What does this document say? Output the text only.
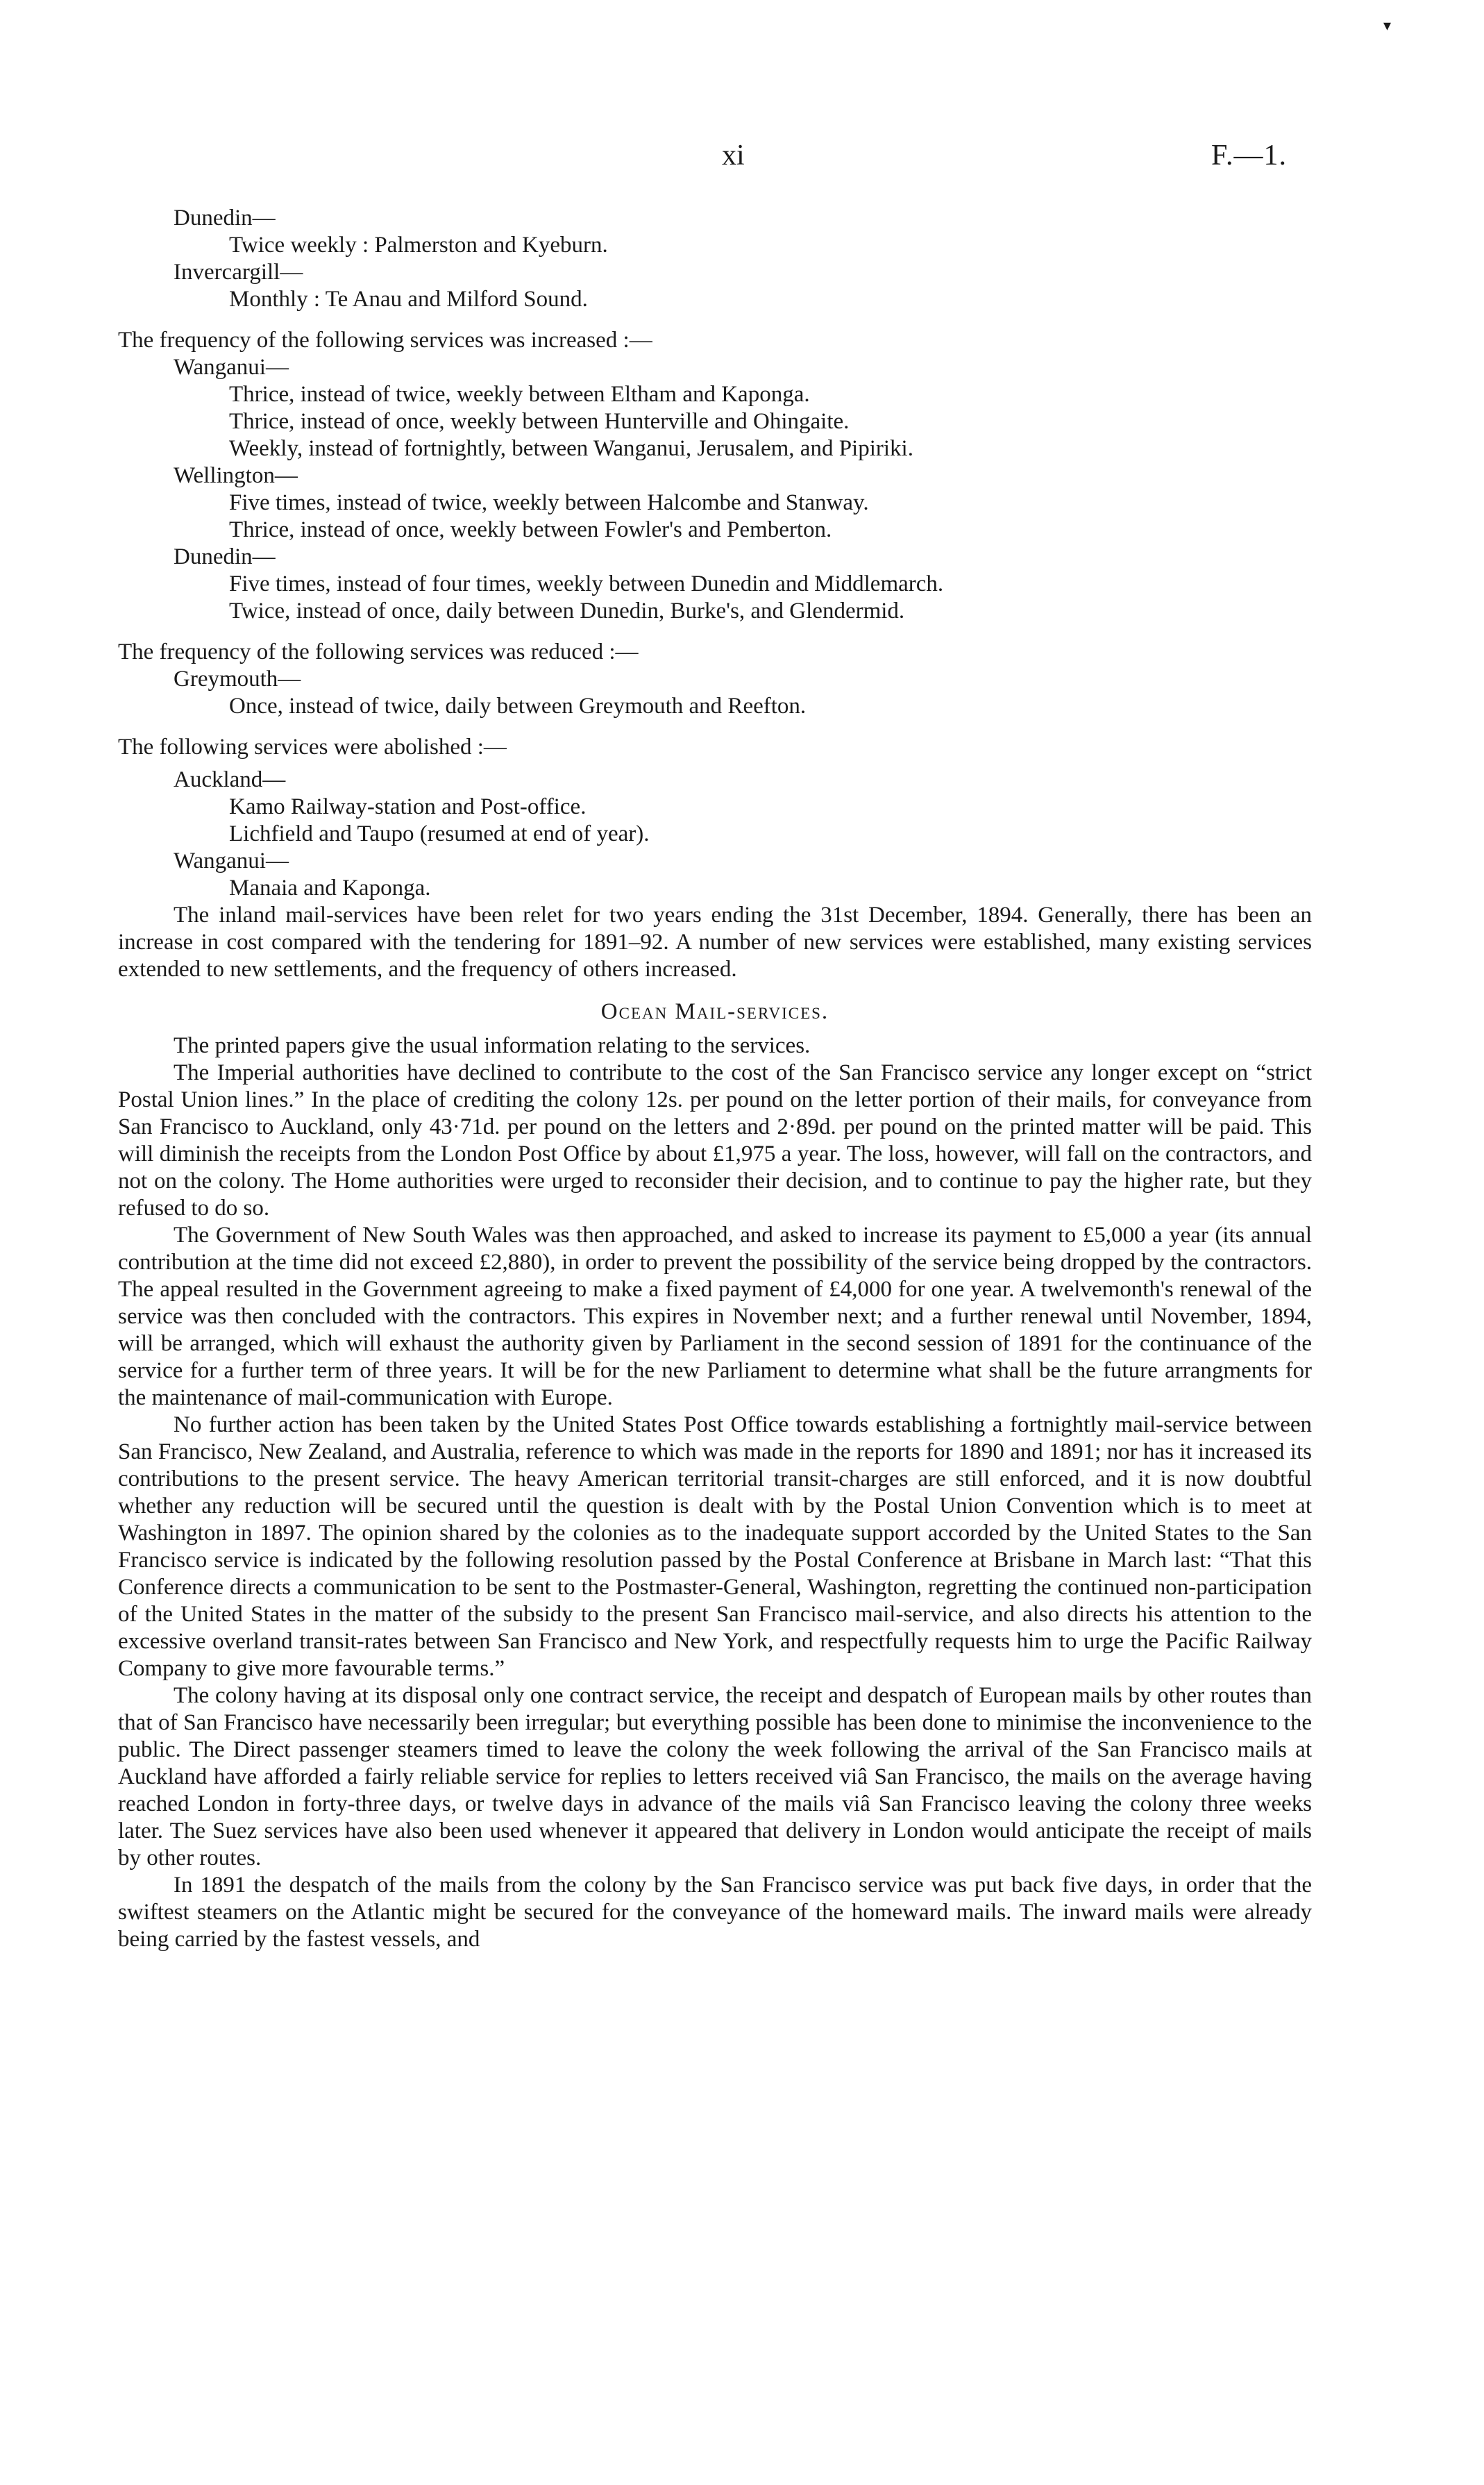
▾
xi	F.—1.

Dunedin—

Twice weekly : Palmerston and Kyeburn.

Invercargill—

Monthly : Te Anau and Milford Sound.

The frequency of the following services was increased :—

Wanganui—

Thrice, instead of twice, weekly between Eltham and Kaponga.

Thrice, instead of once, weekly between Hunterville and Ohingaite.

Weekly, instead of fortnightly, between Wanganui, Jerusalem, and Pipiriki.

Wellington—

Five times, instead of twice, weekly between Halcombe and Stanway.

Thrice, instead of once, weekly between Fowler's and Pemberton.

Dunedin—

Five times, instead of four times, weekly between Dunedin and Middlemarch.

Twice, instead of once, daily between Dunedin, Burke's, and Glendermid.

The frequency of the following services was reduced :—

Greymouth—

Once, instead of twice, daily between Greymouth and Reefton.

The following services were abolished :—

Auckland—

Kamo Railway-station and Post-office.

Lichfield and Taupo (resumed at end of year).

Wanganui—

Manaia and Kaponga.

The inland mail-services have been relet for two years ending the 31st December, 1894. Generally, there has been an increase in cost compared with the tendering for 1891–92. A number of new services were established, many existing services extended to new settlements, and the frequency of others increased.

Ocean Mail-services.

The printed papers give the usual information relating to the services.

The Imperial authorities have declined to contribute to the cost of the San Francisco service any longer except on “strict Postal Union lines.” In the place of crediting the colony 12s. per pound on the letter portion of their mails, for conveyance from San Francisco to Auckland, only 43·71d. per pound on the letters and 2·89d. per pound on the printed matter will be paid. This will diminish the receipts from the London Post Office by about £1,975 a year. The loss, however, will fall on the contractors, and not on the colony. The Home authorities were urged to reconsider their decision, and to continue to pay the higher rate, but they refused to do so.

The Government of New South Wales was then approached, and asked to increase its payment to £5,000 a year (its annual contribution at the time did not exceed £2,880), in order to prevent the possibility of the service being dropped by the contractors. The appeal resulted in the Government agreeing to make a fixed payment of £4,000 for one year. A twelvemonth's renewal of the service was then concluded with the contractors. This expires in November next; and a further renewal until November, 1894, will be arranged, which will exhaust the authority given by Parliament in the second session of 1891 for the continuance of the service for a further term of three years. It will be for the new Parliament to determine what shall be the future arrangments for the maintenance of mail-communication with Europe.

No further action has been taken by the United States Post Office towards establishing a fortnightly mail-service between San Francisco, New Zealand, and Australia, reference to which was made in the reports for 1890 and 1891; nor has it increased its contributions to the present service. The heavy American territorial transit-charges are still enforced, and it is now doubtful whether any reduction will be secured until the question is dealt with by the Postal Union Convention which is to meet at Washington in 1897. The opinion shared by the colonies as to the inadequate support accorded by the United States to the San Francisco service is indicated by the following resolution passed by the Postal Conference at Brisbane in March last: “That this Conference directs a communication to be sent to the Postmaster-General, Washington, regretting the continued non-participation of the United States in the matter of the subsidy to the present San Francisco mail-service, and also directs his attention to the excessive overland transit-rates between San Francisco and New York, and respectfully requests him to urge the Pacific Railway Company to give more favourable terms.”

The colony having at its disposal only one contract service, the receipt and despatch of European mails by other routes than that of San Francisco have necessarily been irregular; but everything possible has been done to minimise the inconvenience to the public. The Direct passenger steamers timed to leave the colony the week following the arrival of the San Francisco mails at Auckland have afforded a fairly reliable service for replies to letters received viâ San Francisco, the mails on the average having reached London in forty-three days, or twelve days in advance of the mails viâ San Francisco leaving the colony three weeks later. The Suez services have also been used whenever it appeared that delivery in London would anticipate the receipt of mails by other routes.

In 1891 the despatch of the mails from the colony by the San Francisco service was put back five days, in order that the swiftest steamers on the Atlantic might be secured for the conveyance of the homeward mails. The inward mails were already being carried by the fastest vessels, and
